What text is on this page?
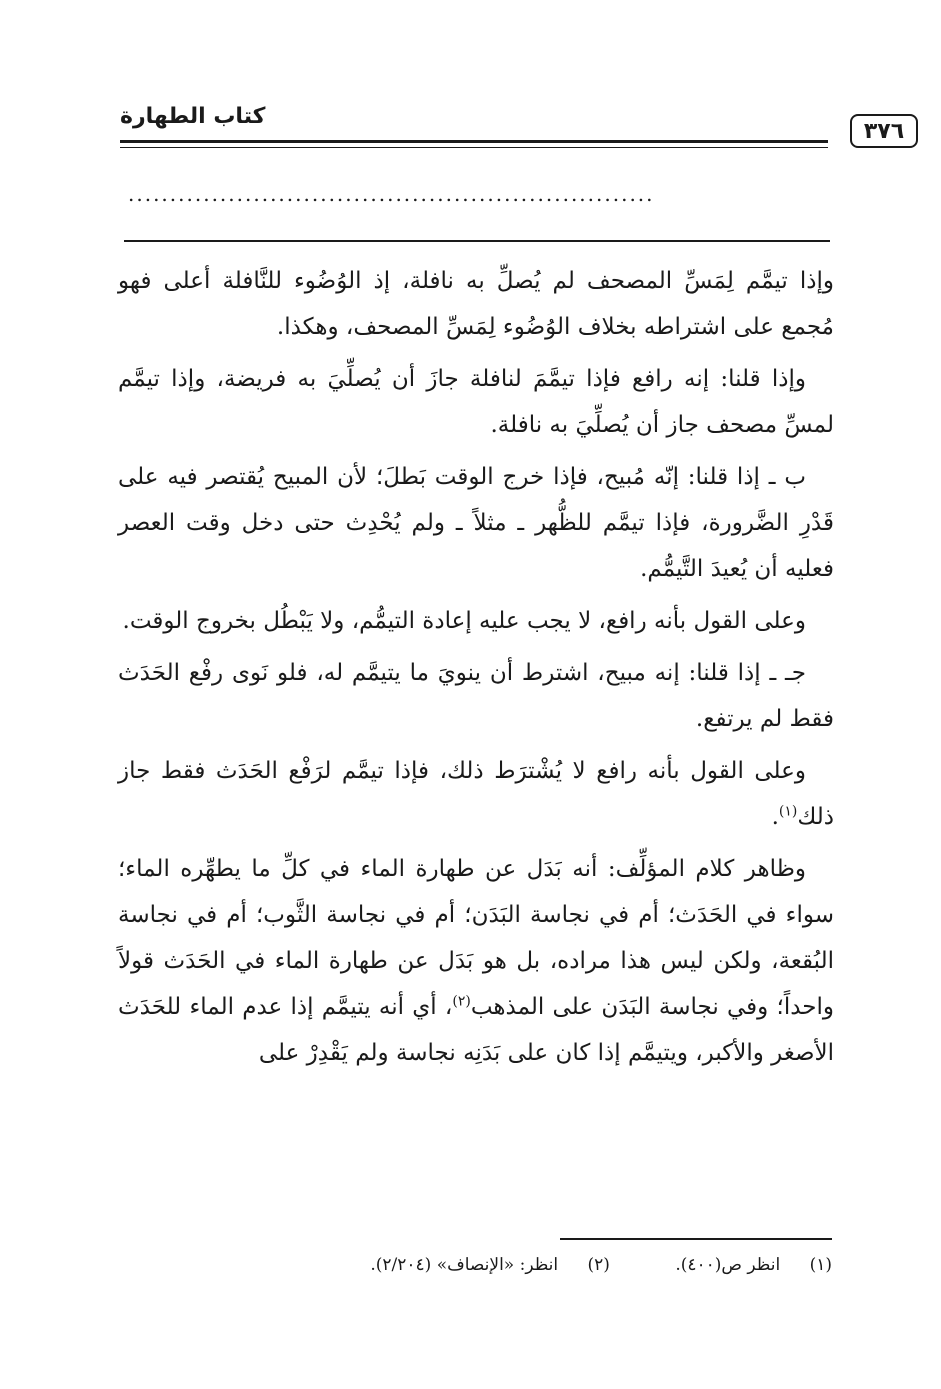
٣٧٦
كتاب الطهارة
...............................................................

وإذا تيمَّم لِمَسِّ المصحف لم يُصلِّ به نافلة، إذ الوُضُوء للنَّافلة أعلى فهو مُجمع على اشتراطه بخلاف الوُضُوء لِمَسِّ المصحف، وهكذا.

وإذا قلنا: إنه رافع فإذا تيمَّمَ لنافلة جازَ أن يُصلِّيَ به فريضة، وإذا تيمَّم لمسِّ مصحف جاز أن يُصلِّيَ به نافلة.

ب ـ إذا قلنا: إنّه مُبيح، فإذا خرج الوقت بَطلَ؛ لأن المبيح يُقتصر فيه على قَدْرِ الضَّرورة، فإذا تيمَّم للظُّهر ـ مثلاً ـ ولم يُحْدِث حتى دخل وقت العصر فعليه أن يُعيدَ التَّيمُّم.

وعلى القول بأنه رافع، لا يجب عليه إعادة التيمُّم، ولا يَبْطُل بخروج الوقت.

جـ ـ إذا قلنا: إنه مبيح، اشترط أن ينويَ ما يتيمَّم له، فلو نَوى رفْع الحَدَث فقط لم يرتفع.

وعلى القول بأنه رافع لا يُشْترَط ذلك، فإذا تيمَّم لرَفْع الحَدَث فقط جاز ذلك$^{(١)}$.

وظاهر كلام المؤلِّف: أنه بَدَل عن طهارة الماء في كلِّ ما يطهِّره الماء؛ سواء في الحَدَث؛ أم في نجاسة البَدَن؛ أم في نجاسة الثَّوب؛ أم في نجاسة البُقعة، ولكن ليس هذا مراده، بل هو بَدَل عن طهارة الماء في الحَدَث قولاً واحداً؛ وفي نجاسة البَدَن على المذهب$^{(٢)}$، أي أنه يتيمَّم إذا عدم الماء للحَدَث الأصغر والأكبر، ويتيمَّم إذا كان على بَدَنِه نجاسة ولم يَقْدِرْ على

(١) انظر ص(٤٠٠). (٢) انظر: «الإنصاف» (٢/٢٠٤).
